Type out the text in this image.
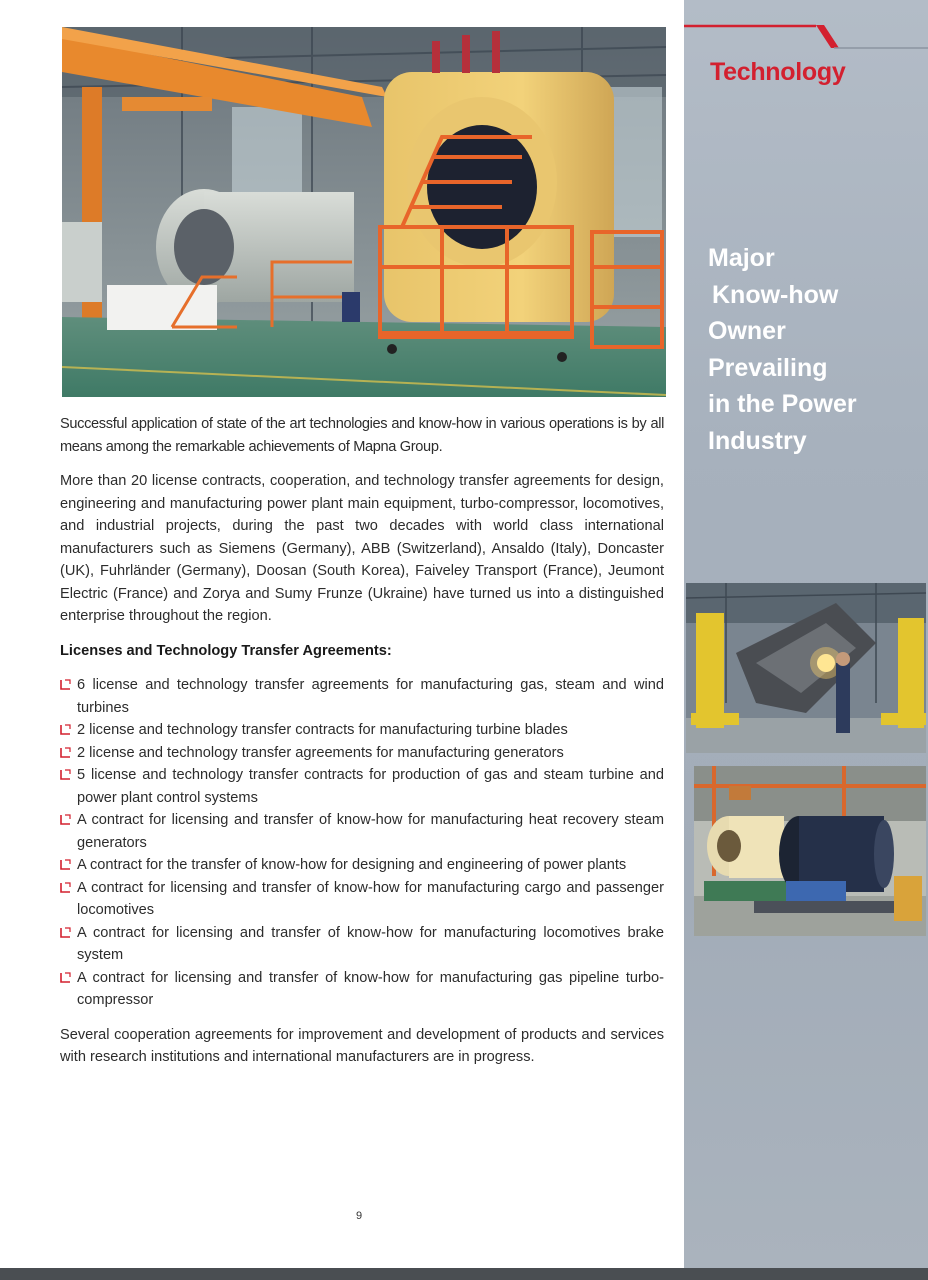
Successful application of state of the art technologies and know-how in various operations is by all means among the remarkable achievements of Mapna Group.

More than 20 license contracts, cooperation, and technology transfer agreements for design, engineering and manufacturing power plant main equipment, turbo-compressor, locomotives, and industrial projects, during the past two decades with world class international manufacturers such as Siemens (Germany), ABB (Switzerland), Ansaldo (Italy), Doncaster (UK), Fuhrländer (Germany), Doosan (South Korea), Faiveley Transport (France), Jeumont Electric (France) and Zorya and Sumy Frunze (Ukraine) have turned us into a distinguished enterprise throughout the region.

Licenses and Technology Transfer Agreements:

6 license and technology transfer agreements for manufacturing gas, steam and wind turbines
2 license and technology transfer contracts for manufacturing turbine blades
2 license and technology transfer agreements for manufacturing generators
5 license and technology transfer contracts for production of gas and steam turbine and power plant control systems
A contract for licensing and transfer of know-how for manufacturing heat recovery steam generators
A contract for the transfer of know-how for designing and engineering of power plants
A contract for licensing and transfer of know-how for manufacturing cargo and passenger locomotives
A contract for licensing and transfer of know-how for manufacturing locomotives brake system
A contract for licensing and transfer of know-how for manufacturing gas pipeline turbo-compressor

Several cooperation agreements for improvement and development of products and services with research institutions and international manufacturers are in progress.

9
Technology
Major
Know-how
Owner
Prevailing
in the Power
Industry
